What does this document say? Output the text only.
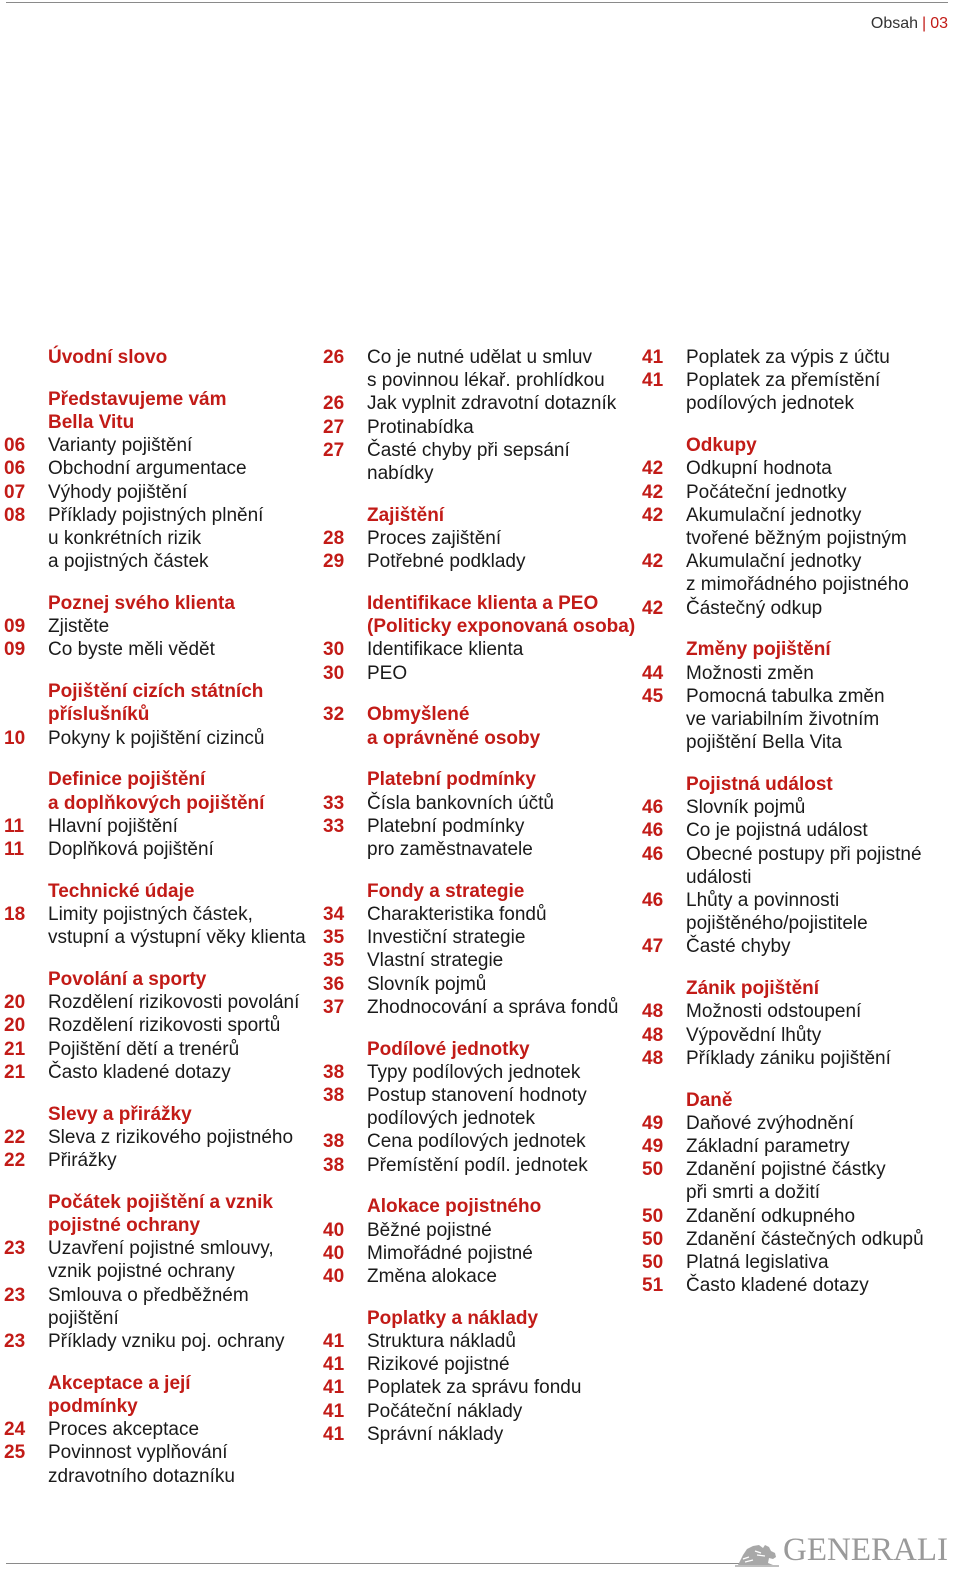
Obsah | 03
Úvodní slovo
Představujeme vám
Bella Vitu
06	Varianty pojištění
06	Obchodní argumentace
07	Výhody pojištění
08	Příklady pojistných plnění
u konkrétních rizik
a pojistných částek
Poznej svého klienta
09	Zjistěte
09	Co byste měli vědět
Pojištění cizích státních
příslušníků
10	Pokyny k pojištění cizinců
Definice pojištění
a doplňkových pojištění
11	Hlavní pojištění
11	Doplňková pojištění
Technické údaje
18	Limity pojistných částek,
vstupní a výstupní věky klienta
Povolání a sporty
20	Rozdělení rizikovosti povolání
20	Rozdělení rizikovosti sportů
21	Pojištění dětí a trenérů
21	Často kladené dotazy
Slevy a přirážky
22	Sleva z rizikového pojistného
22	Přirážky
Počátek pojištění a vznik
pojistné ochrany
23	Uzavření pojistné smlouvy,
vznik pojistné ochrany
23	Smlouva o předběžném
pojištění
23	Příklady vzniku poj. ochrany
Akceptace a její
podmínky
24	Proces akceptace
25	Povinnost vyplňování
zdravotního dotazníku
26	Co je nutné udělat u smluv
s povinnou lékař. prohlídkou
26	Jak vyplnit zdravotní dotazník
27	Protinabídka
27	Časté chyby při sepsání
nabídky
Zajištění
28	Proces zajištění
29	Potřebné podklady
Identifikace klienta a PEO
(Politicky exponovaná osoba)
30	Identifikace klienta
30	PEO
32	Obmyšlené
a oprávněné osoby
Platební podmínky
33	Čísla bankovních účtů
33	Platební podmínky
pro zaměstnavatele
Fondy a strategie
34	Charakteristika fondů
35	Investiční strategie
35	Vlastní strategie
36	Slovník pojmů
37	Zhodnocování a správa fondů
Podílové jednotky
38	Typy podílových jednotek
38	Postup stanovení hodnoty
podílových jednotek
38	Cena podílových jednotek
38	Přemístění podíl. jednotek
Alokace pojistného
40	Běžné pojistné
40	Mimořádné pojistné
40	Změna alokace
Poplatky a náklady
41	Struktura nákladů
41	Rizikové pojistné
41	Poplatek za správu fondu
41	Počáteční náklady
41	Správní náklady
41	Poplatek za výpis z účtu
41	Poplatek za přemístění
podílových jednotek
Odkupy
42	Odkupní hodnota
42	Počáteční jednotky
42	Akumulační jednotky
tvořené běžným pojistným
42	Akumulační jednotky
z mimořádného pojistného
42	Částečný odkup
Změny pojištění
44	Možnosti změn
45	Pomocná tabulka změn
ve variabilním životním
pojištění Bella Vita
Pojistná událost
46	Slovník pojmů
46	Co je pojistná událost
46	Obecné postupy při pojistné
události
46	Lhůty a povinnosti
pojištěného/pojistitele
47	Časté chyby
Zánik pojištění
48	Možnosti odstoupení
48	Výpovědní lhůty
48	Příklady zániku pojištění
Daně
49	Daňové zvýhodnění
49	Základní parametry
50	Zdanění pojistné částky
při smrti a dožití
50	Zdanění odkupného
50	Zdanění částečných odkupů
50	Platná legislativa
51	Často kladené dotazy
GENERALI
